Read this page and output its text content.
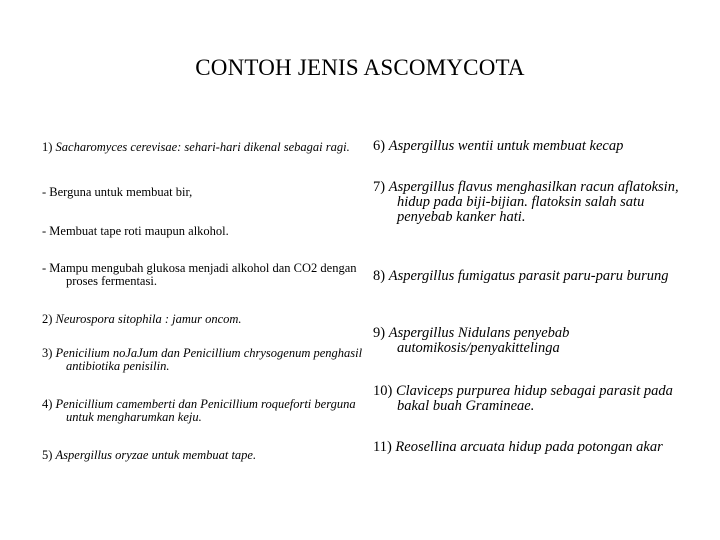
CONTOH JENIS ASCOMYCOTA
1) Sacharomyces cerevisae: sehari-hari dikenal sebagai ragi.
- Berguna untuk membuat bir,
- Membuat tape roti maupun alkohol.
- Mampu mengubah glukosa menjadi alkohol dan CO2 dengan proses fermentasi.
2) Neurospora sitophila : jamur oncom.
3) Penicilium noJaJum dan Penicillium chrysogenum penghasil antibiotika penisilin.
4) Penicillium camemberti dan Penicillium roqueforti berguna untuk mengharumkan keju.
5) Aspergillus oryzae untuk membuat tape.
6) Aspergillus wentii untuk membuat kecap
7) Aspergillus flavus menghasilkan racun aflatoksin, hidup pada biji-bijian. flatoksin salah satu penyebab kanker hati.
8) Aspergillus fumigatus parasit paru-paru burung
9) Aspergillus Nidulans penyebab automikosis/penyakittelinga
10) Claviceps purpurea hidup sebagai parasit pada bakal buah Gramineae.
11) Reosellina arcuata hidup pada potongan akar
